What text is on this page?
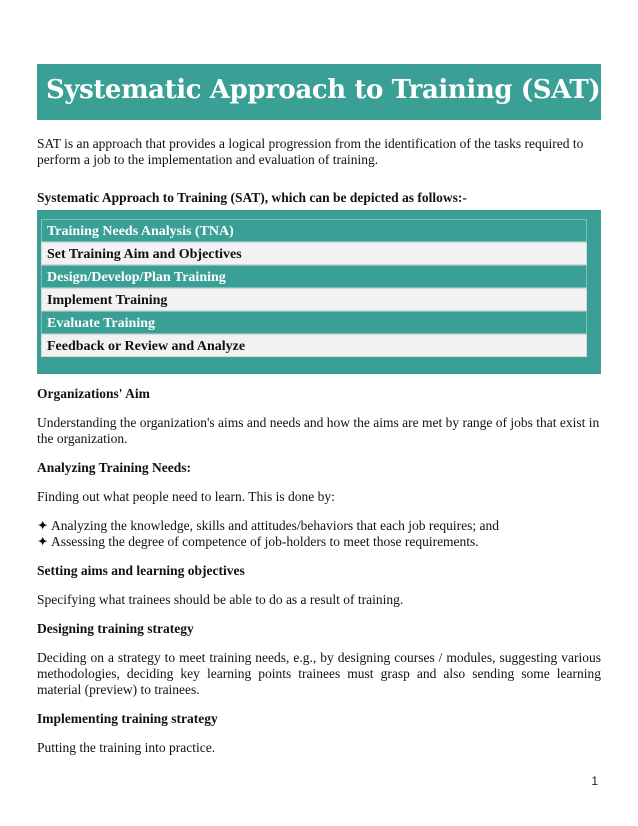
Systematic Approach to Training (SAT)

SAT is an approach that provides a logical progression from the identification of the tasks required to perform a job to the implementation and evaluation of training.

Systematic Approach to Training (SAT), which can be depicted as follows:-

Training Needs Analysis (TNA)
Set Training Aim and Objectives
Design/Develop/Plan Training
Implement Training
Evaluate Training
Feedback or Review and Analyze

Organizations' Aim

Understanding the organization's aims and needs and how the aims are met by range of jobs that exist in the organization.

Analyzing Training Needs:

Finding out what people need to learn. This is done by:

✦ Analyzing the knowledge, skills and attitudes/behaviors that each job requires; and

✦ Assessing the degree of competence of job-holders to meet those requirements.

Setting aims and learning objectives

Specifying what trainees should be able to do as a result of training.

Designing training strategy

Deciding on a strategy to meet training needs, e.g., by designing courses / modules, suggesting various methodologies, deciding key learning points trainees must grasp and also sending some learning material (preview) to trainees.

Implementing training strategy

Putting the training into practice.

1
